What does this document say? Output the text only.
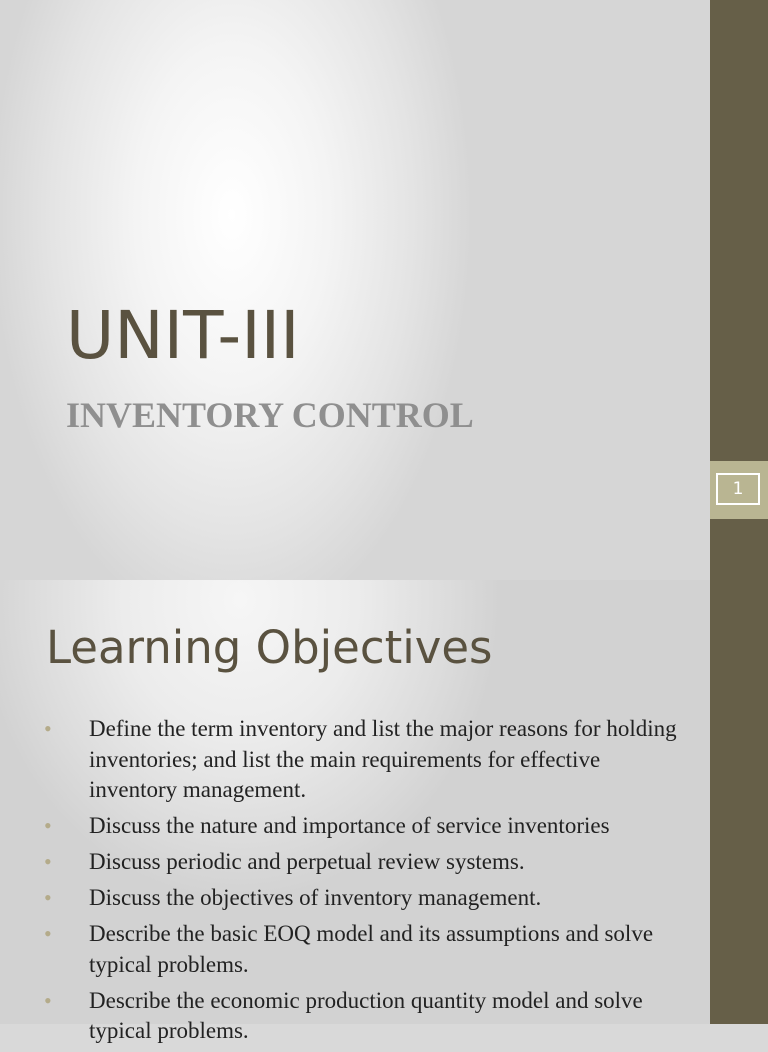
1
UNIT-III
INVENTORY CONTROL
Learning Objectives
• Define the term inventory and list the major reasons for holding inventories; and list the main requirements for effective inventory management.
• Discuss the nature and importance of service inventories
• Discuss periodic and perpetual review systems.
• Discuss the objectives of inventory management.
• Describe the basic EOQ model and its assumptions and solve typical problems.
• Describe the economic production quantity model and solve typical problems.
